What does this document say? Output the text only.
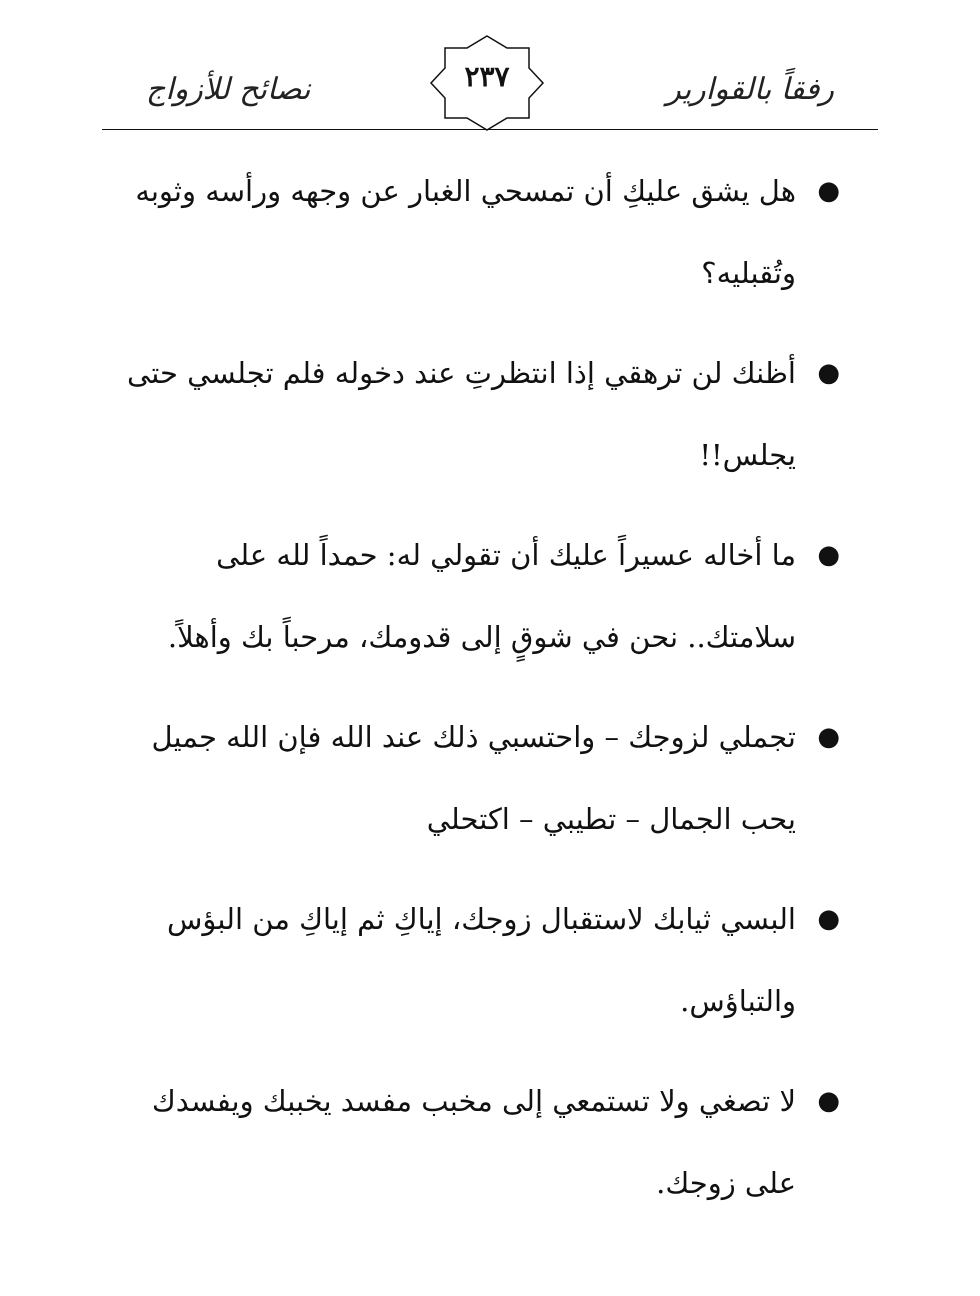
رفقاً بالقوارير
٢٣٧
نصائح للأزواج
●
هل يشق عليكِ أن تمسحي الغبار عن وجهه ورأسه وثوبه وتُقبليه؟
●
أظنك لن ترهقي إذا انتظرتِ عند دخوله فلم تجلسي حتى يجلس!!
●
ما أخاله عسيراً عليك أن تقولي له: حمداً لله على سلامتك.. نحن في شوقٍ إلى قدومك، مرحباً بك وأهلاً.
●
تجملي لزوجك – واحتسبي ذلك عند الله فإن الله جميل يحب الجمال – تطيبي – اكتحلي
●
البسي ثيابك لاستقبال زوجك، إياكِ ثم إياكِ من البؤس والتباؤس.
●
لا تصغي ولا تستمعي إلى مخبب مفسد يخببك ويفسدك على زوجك.
